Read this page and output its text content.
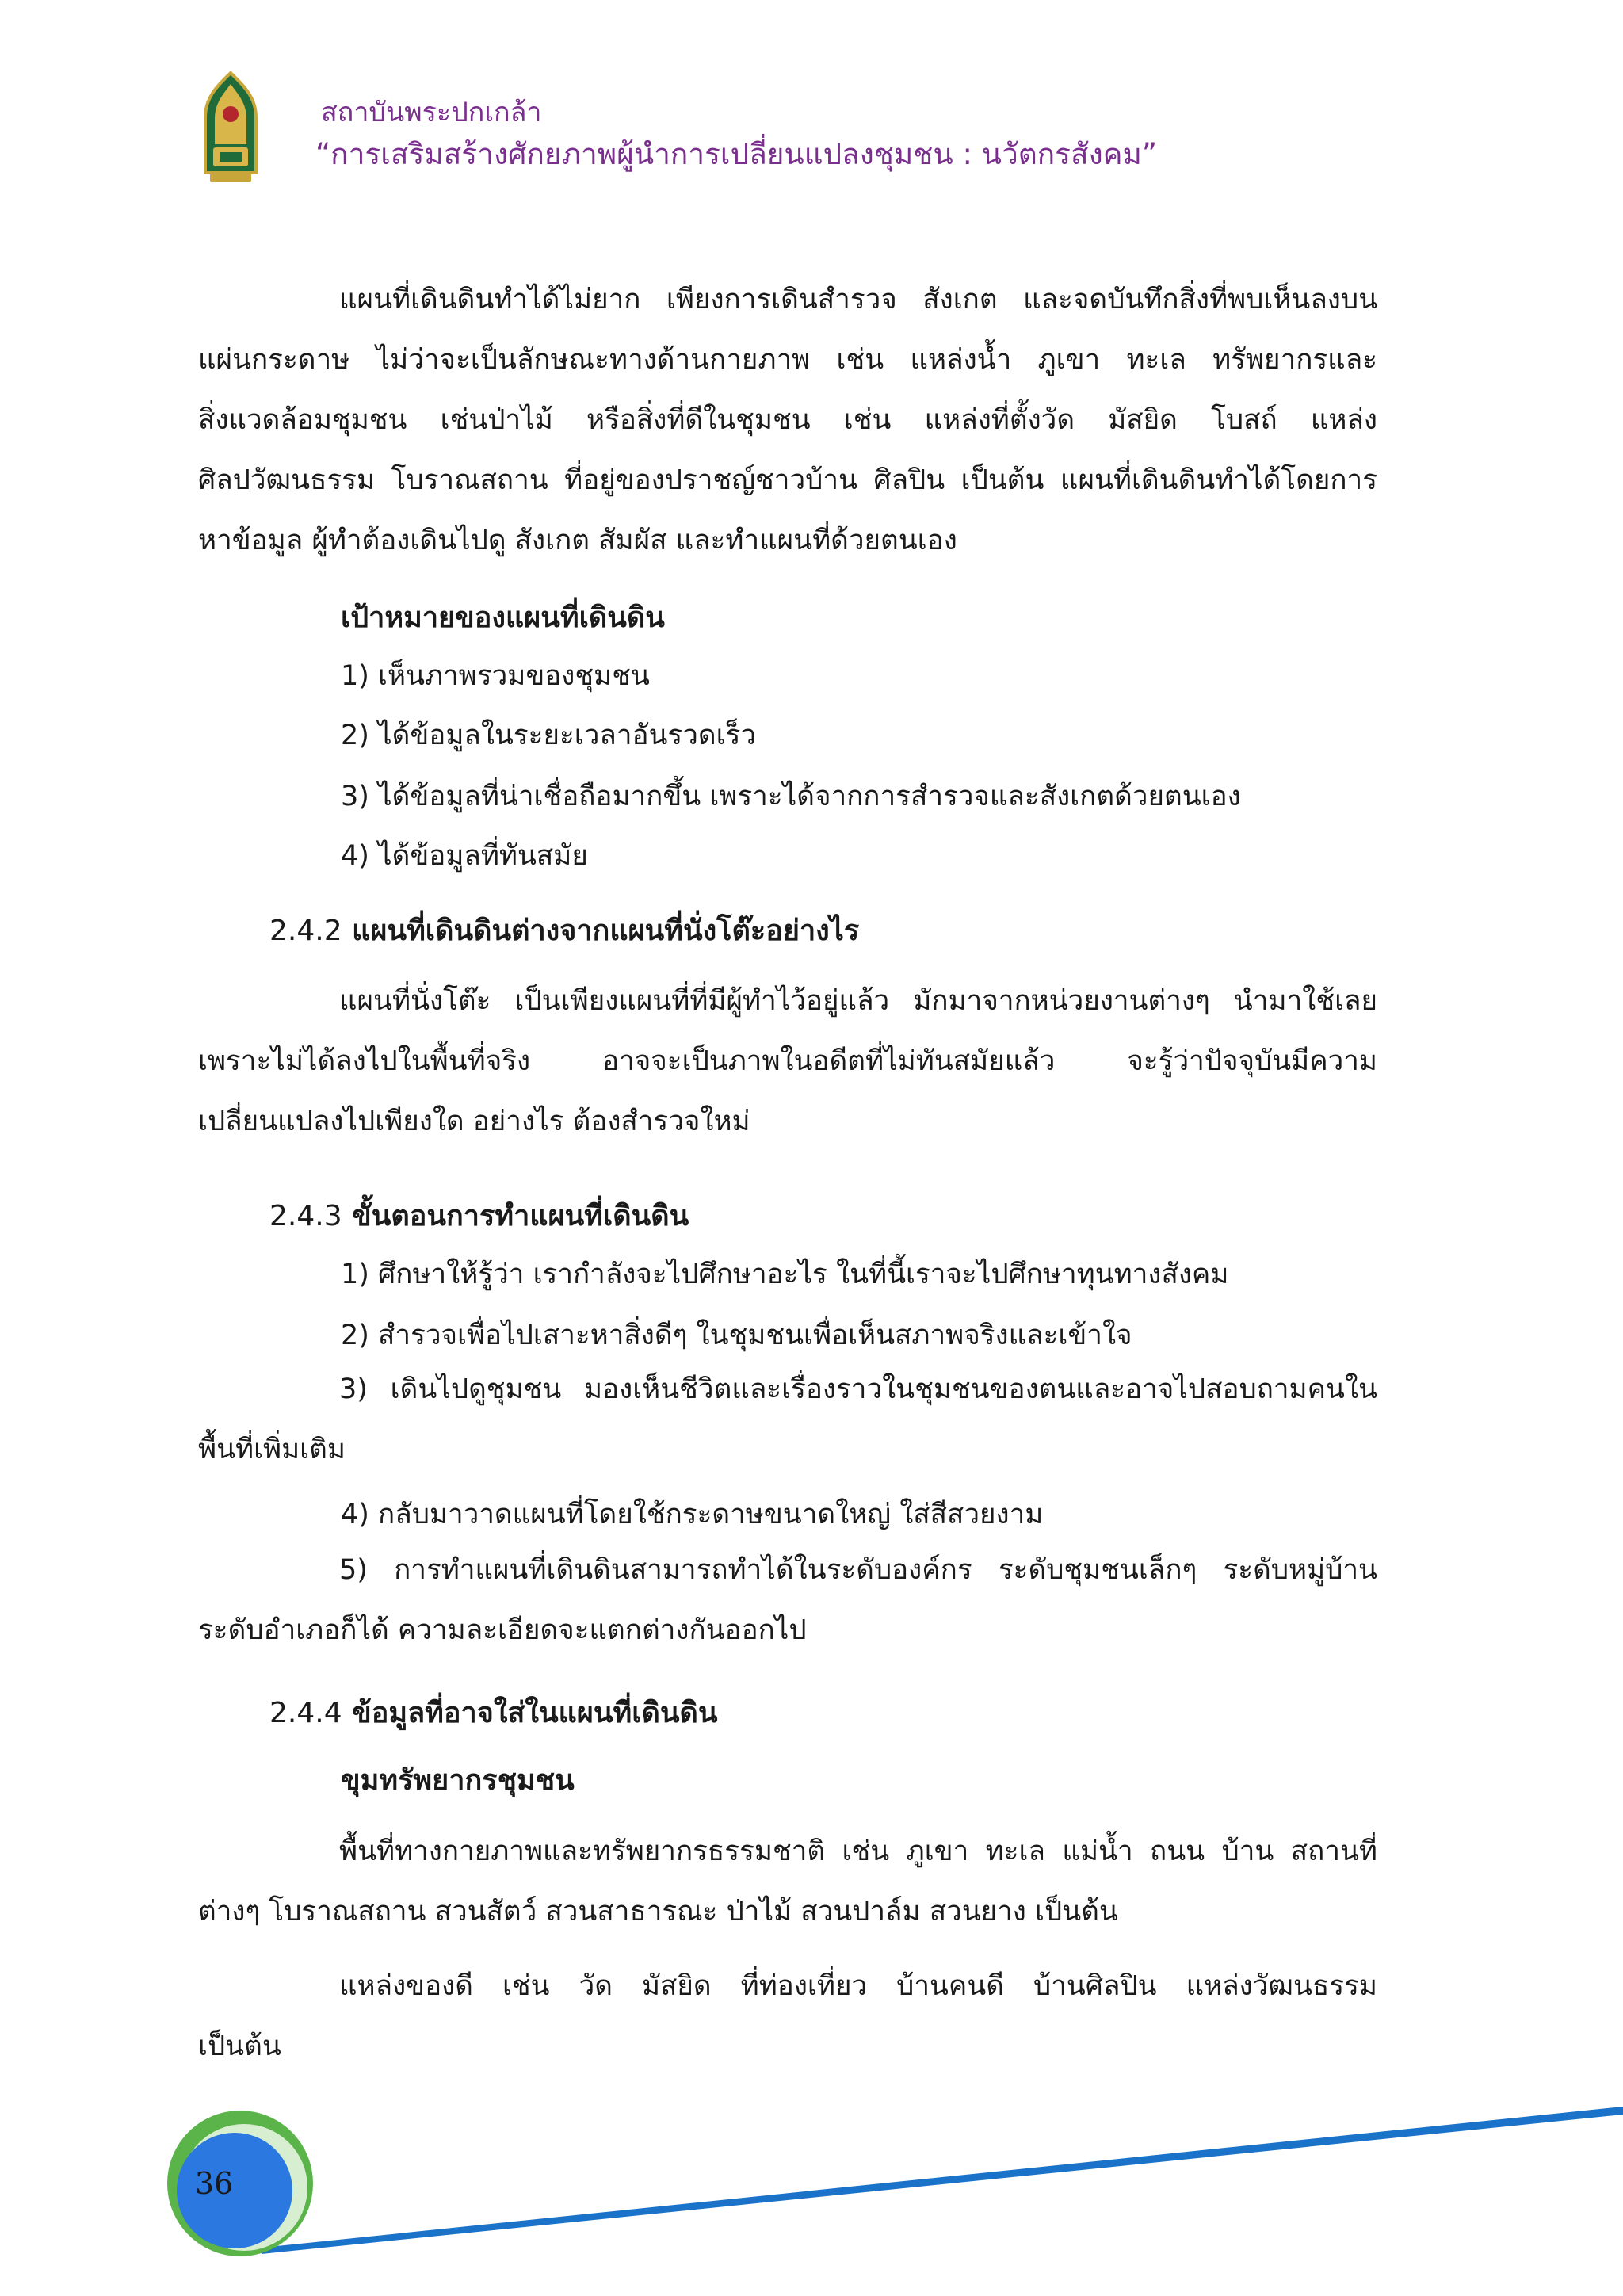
สถาบันพระปกเกล้า
“การเสริมสร้างศักยภาพผู้นำการเปลี่ยนแปลงชุมชน : นวัตกรสังคม”
แผนที่เดินดินทำได้ไม่ยาก เพียงการเดินสำรวจ สังเกต และจดบันทึกสิ่งที่พบเห็นลงบน
แผ่นกระดาษ ไม่ว่าจะเป็นลักษณะทางด้านกายภาพ เช่น แหล่งน้ำ ภูเขา ทะเล ทรัพยากรและ
สิ่งแวดล้อมชุมชน เช่นป่าไม้ หรือสิ่งที่ดีในชุมชน เช่น แหล่งที่ตั้งวัด มัสยิด โบสถ์ แหล่ง
ศิลปวัฒนธรรม โบราณสถาน ที่อยู่ของปราชญ์ชาวบ้าน ศิลปิน เป็นต้น แผนที่เดินดินทำได้โดยการ
หาข้อมูล ผู้ทำต้องเดินไปดู สังเกต สัมผัส และทำแผนที่ด้วยตนเอง
เป้าหมายของแผนที่เดินดิน
1) เห็นภาพรวมของชุมชน
2) ได้ข้อมูลในระยะเวลาอันรวดเร็ว
3) ได้ข้อมูลที่น่าเชื่อถือมากขึ้น เพราะได้จากการสำรวจและสังเกตด้วยตนเอง
4) ได้ข้อมูลที่ทันสมัย
2.4.2 แผนที่เดินดินต่างจากแผนที่นั่งโต๊ะอย่างไร
แผนที่นั่งโต๊ะ เป็นเพียงแผนที่ที่มีผู้ทำไว้อยู่แล้ว มักมาจากหน่วยงานต่างๆ นำมาใช้เลย
เพราะไม่ได้ลงไปในพื้นที่จริง อาจจะเป็นภาพในอดีตที่ไม่ทันสมัยแล้ว จะรู้ว่าปัจจุบันมีความ
เปลี่ยนแปลงไปเพียงใด อย่างไร ต้องสำรวจใหม่
2.4.3 ขั้นตอนการทำแผนที่เดินดิน
1) ศึกษาให้รู้ว่า เรากำลังจะไปศึกษาอะไร ในที่นี้เราจะไปศึกษาทุนทางสังคม
2) สำรวจเพื่อไปเสาะหาสิ่งดีๆ ในชุมชนเพื่อเห็นสภาพจริงและเข้าใจ
3) เดินไปดูชุมชน มองเห็นชีวิตและเรื่องราวในชุมชนของตนและอาจไปสอบถามคนใน
พื้นที่เพิ่มเติม
4) กลับมาวาดแผนที่โดยใช้กระดาษขนาดใหญ่ ใส่สีสวยงาม
5) การทำแผนที่เดินดินสามารถทำได้ในระดับองค์กร ระดับชุมชนเล็กๆ ระดับหมู่บ้าน
ระดับอำเภอก็ได้ ความละเอียดจะแตกต่างกันออกไป
2.4.4 ข้อมูลที่อาจใส่ในแผนที่เดินดิน
ขุมทรัพยากรชุมชน
พื้นที่ทางกายภาพและทรัพยากรธรรมชาติ เช่น ภูเขา ทะเล แม่น้ำ ถนน บ้าน สถานที่
ต่างๆ โบราณสถาน สวนสัตว์ สวนสาธารณะ ป่าไม้ สวนปาล์ม สวนยาง เป็นต้น
แหล่งของดี เช่น วัด มัสยิด ที่ท่องเที่ยว บ้านคนดี บ้านศิลปิน แหล่งวัฒนธรรม
เป็นต้น
36
